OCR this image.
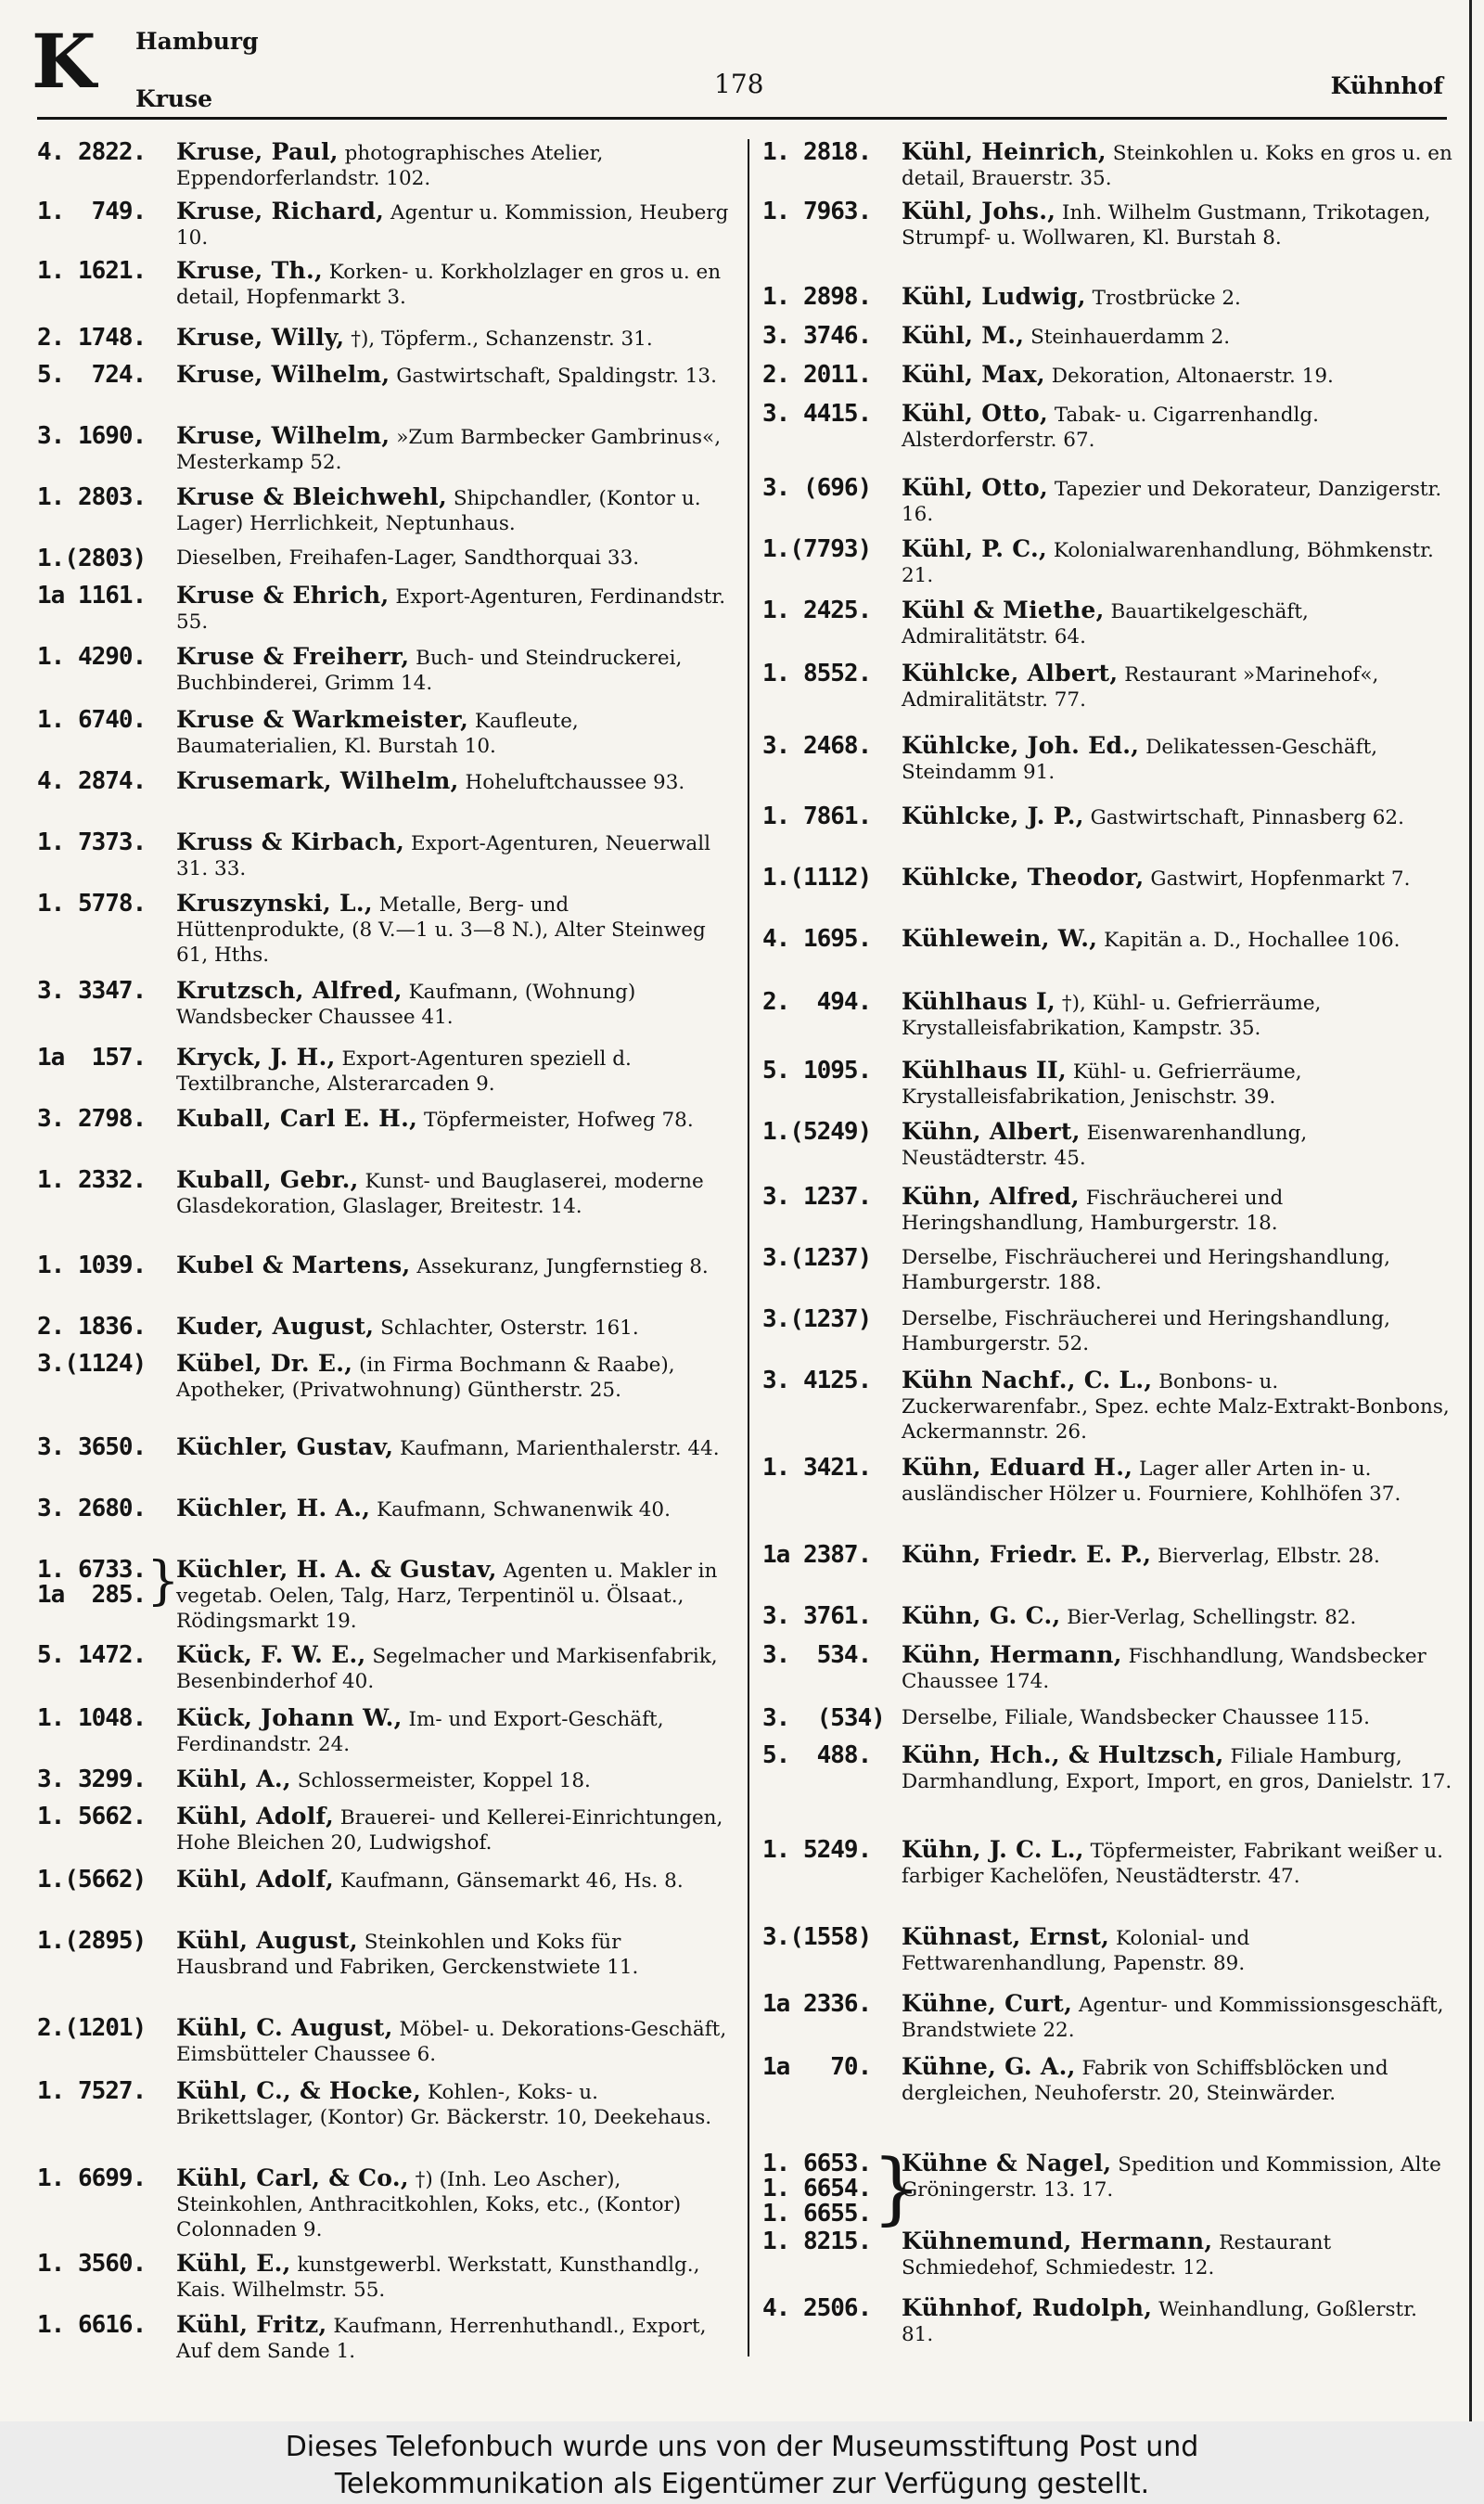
K Hamburg
Kruse	178	Kühnhof
4. 2822. Kruse, Paul, photographisches Atelier, Eppendorferlandstr. 102.
1.  749. Kruse, Richard, Agentur u. Kommission, Heuberg 10.
1. 1621. Kruse, Th., Korken- u. Korkholzlager en gros u. en detail, Hopfenmarkt 3.
2. 1748. Kruse, Willy, †), Töpferm., Schanzenstr. 31.
5.  724. Kruse, Wilhelm, Gastwirtschaft, Spaldingstr. 13.
3. 1690. Kruse, Wilhelm, »Zum Barmbecker Gambrinus«, Mesterkamp 52.
1. 2803. Kruse & Bleichwehl, Shipchandler, (Kontor u. Lager) Herrlichkeit, Neptunhaus.
1.(2803) Dieselben, Freihafen-Lager, Sandthorquai 33.
1a 1161. Kruse & Ehrich, Export-Agenturen, Ferdinandstr. 55.
1. 4290. Kruse & Freiherr, Buch- und Steindruckerei, Buchbinderei, Grimm 14.
1. 6740. Kruse & Warkmeister, Kaufleute, Baumaterialien, Kl. Burstah 10.
4. 2874. Krusemark, Wilhelm, Hoheluftchaussee 93.
1. 7373. Kruss & Kirbach, Export-Agenturen, Neuerwall 31. 33.
1. 5778. Kruszynski, L., Metalle, Berg- und Hüttenprodukte, (8 V.—1 u. 3—8 N.), Alter Steinweg 61, Hths.
3. 3347. Krutzsch, Alfred, Kaufmann, (Wohnung) Wandsbecker Chaussee 41.
1a  157. Kryck, J. H., Export-Agenturen speziell d. Textilbranche, Alsterarcaden 9.
3. 2798. Kuball, Carl E. H., Töpfermeister, Hofweg 78.
1. 2332. Kuball, Gebr., Kunst- und Bauglaserei, moderne Glasdekoration, Glaslager, Breitestr. 14.
1. 1039. Kubel & Martens, Assekuranz, Jungfernstieg 8.
2. 1836. Kuder, August, Schlachter, Osterstr. 161.
3.(1124) Kübel, Dr. E., (in Firma Bochmann & Raabe), Apotheker, (Privatwohnung) Güntherstr. 25.
3. 3650. Küchler, Gustav, Kaufmann, Marienthalerstr. 44.
3. 2680. Küchler, H. A., Kaufmann, Schwanenwik 40.
1. 6733.
1a  285. }
Küchler, H. A. & Gustav, Agenten u. Makler in vegetab. Oelen, Talg, Harz, Terpentinöl u. Ölsaat., Rödingsmarkt 19.
5. 1472. Kück, F. W. E., Segelmacher und Markisenfabrik, Besenbinderhof 40.
1. 1048. Kück, Johann W., Im- und Export-Geschäft, Ferdinandstr. 24.
3. 3299. Kühl, A., Schlossermeister, Koppel 18.
1. 5662. Kühl, Adolf, Brauerei- und Kellerei-Einrichtungen, Hohe Bleichen 20, Ludwigshof.
1.(5662) Kühl, Adolf, Kaufmann, Gänsemarkt 46, Hs. 8.
1.(2895) Kühl, August, Steinkohlen und Koks für Hausbrand und Fabriken, Gerckenstwiete 11.
2.(1201) Kühl, C. August, Möbel- u. Dekorations-Geschäft, Eimsbütteler Chaussee 6.
1. 7527. Kühl, C., & Hocke, Kohlen-, Koks- u. Brikettslager, (Kontor) Gr. Bäckerstr. 10, Deekehaus.
1. 6699. Kühl, Carl, & Co., †) (Inh. Leo Ascher), Steinkohlen, Anthracitkohlen, Koks, etc., (Kontor) Colonnaden 9.
1. 3560. Kühl, E., kunstgewerbl. Werkstatt, Kunsthandlg., Kais. Wilhelmstr. 55.
1. 6616. Kühl, Fritz, Kaufmann, Herrenhuthandl., Export, Auf dem Sande 1.
1. 2818. Kühl, Heinrich, Steinkohlen u. Koks en gros u. en detail, Brauerstr. 35.
1. 7963. Kühl, Johs., Inh. Wilhelm Gustmann, Trikotagen, Strumpf- u. Wollwaren, Kl. Burstah 8.
1. 2898. Kühl, Ludwig, Trostbrücke 2.
3. 3746. Kühl, M., Steinhauerdamm 2.
2. 2011. Kühl, Max, Dekoration, Altonaerstr. 19.
3. 4415. Kühl, Otto, Tabak- u. Cigarrenhandlg. Alsterdorferstr. 67.
3. (696) Kühl, Otto, Tapezier und Dekorateur, Danzigerstr. 16.
1.(7793) Kühl, P. C., Kolonialwarenhandlung, Böhmkenstr. 21.
1. 2425. Kühl & Miethe, Bauartikelgeschäft, Admiralitätstr. 64.
1. 8552. Kühlcke, Albert, Restaurant »Marinehof«, Admiralitätstr. 77.
3. 2468. Kühlcke, Joh. Ed., Delikatessen-Geschäft, Steindamm 91.
1. 7861. Kühlcke, J. P., Gastwirtschaft, Pinnasberg 62.
1.(1112) Kühlcke, Theodor, Gastwirt, Hopfenmarkt 7.
4. 1695. Kühlewein, W., Kapitän a. D., Hochallee 106.
2.  494. Kühlhaus I, †), Kühl- u. Gefrierräume, Krystalleisfabrikation, Kampstr. 35.
5. 1095. Kühlhaus II, Kühl- u. Gefrierräume, Krystalleisfabrikation, Jenischstr. 39.
1.(5249) Kühn, Albert, Eisenwarenhandlung, Neustädterstr. 45.
3. 1237. Kühn, Alfred, Fischräucherei und Heringshandlung, Hamburgerstr. 18.
3.(1237) Derselbe, Fischräucherei und Heringshandlung, Hamburgerstr. 188.
3.(1237) Derselbe, Fischräucherei und Heringshandlung, Hamburgerstr. 52.
3. 4125. Kühn Nachf., C. L., Bonbons- u. Zuckerwarenfabr., Spez. echte Malz-Extrakt-Bonbons, Ackermannstr. 26.
1. 3421. Kühn, Eduard H., Lager aller Arten in- u. ausländischer Hölzer u. Fourniere, Kohlhöfen 37.
1a 2387. Kühn, Friedr. E. P., Bierverlag, Elbstr. 28.
3. 3761. Kühn, G. C., Bier-Verlag, Schellingstr. 82.
3.  534. Kühn, Hermann, Fischhandlung, Wandsbecker Chaussee 174.
3.  (534) Derselbe, Filiale, Wandsbecker Chaussee 115.
5.  488. Kühn, Hch., & Hultzsch, Filiale Hamburg, Darmhandlung, Export, Import, en gros, Danielstr. 17.
1. 5249. Kühn, J. C. L., Töpfermeister, Fabrikant weißer u. farbiger Kachelöfen, Neustädterstr. 47.
3.(1558) Kühnast, Ernst, Kolonial- und Fettwarenhandlung, Papenstr. 89.
1a 2336. Kühne, Curt, Agentur- und Kommissionsgeschäft, Brandstwiete 22.
1a   70. Kühne, G. A., Fabrik von Schiffsblöcken und dergleichen, Neuhoferstr. 20, Steinwärder.
1. 6653.
1. 6654.
1. 6655. }
Kühne & Nagel, Spedition und Kommission, Alte Gröningerstr. 13. 17.
1. 8215. Kühnemund, Hermann, Restaurant Schmiedehof, Schmiedestr. 12.
4. 2506. Kühnhof, Rudolph, Weinhandlung, Goßlerstr. 81.
Dieses Telefonbuch wurde uns von der Museumsstiftung Post und
Telekommunikation als Eigentümer zur Verfügung gestellt.
